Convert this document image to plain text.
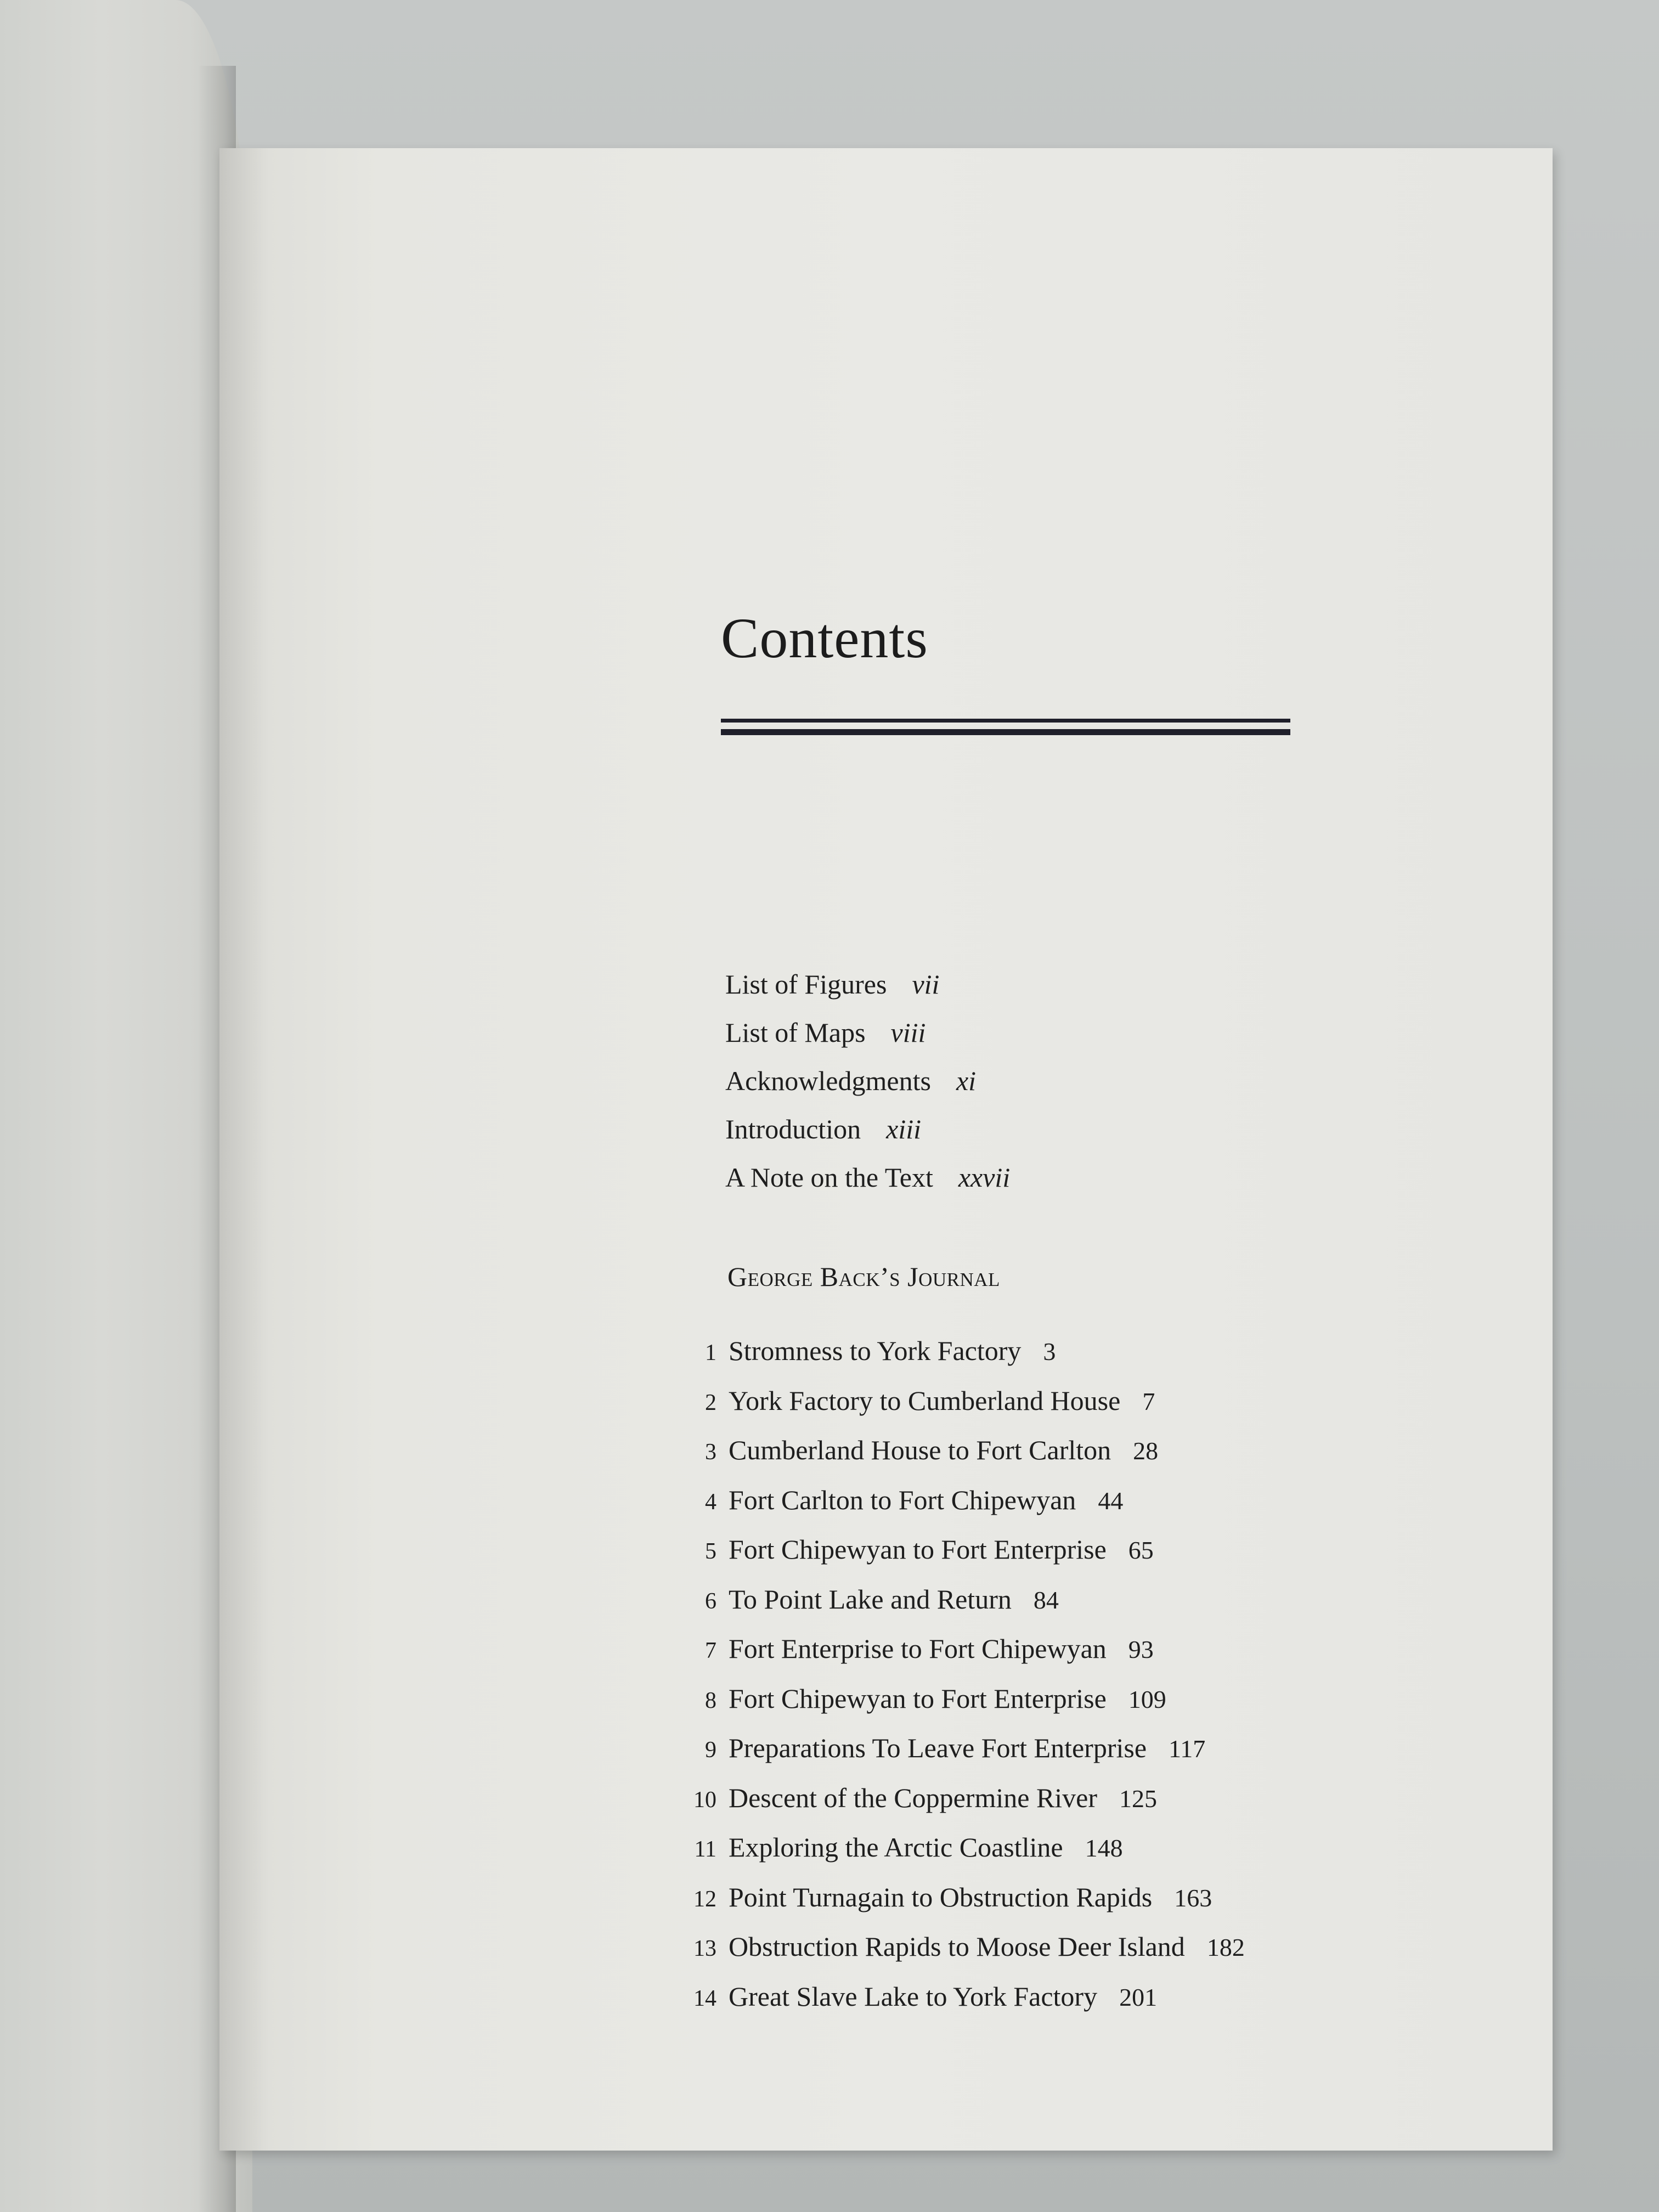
Contents
List of Figures vii
List of Maps viii
Acknowledgments xi
Introduction xiii
A Note on the Text xxvii
George Back’s Journal
1 Stromness to York Factory 3
2 York Factory to Cumberland House 7
3 Cumberland House to Fort Carlton 28
4 Fort Carlton to Fort Chipewyan 44
5 Fort Chipewyan to Fort Enterprise 65
6 To Point Lake and Return 84
7 Fort Enterprise to Fort Chipewyan 93
8 Fort Chipewyan to Fort Enterprise 109
9 Preparations To Leave Fort Enterprise 117
10 Descent of the Coppermine River 125
11 Exploring the Arctic Coastline 148
12 Point Turnagain to Obstruction Rapids 163
13 Obstruction Rapids to Moose Deer Island 182
14 Great Slave Lake to York Factory 201
